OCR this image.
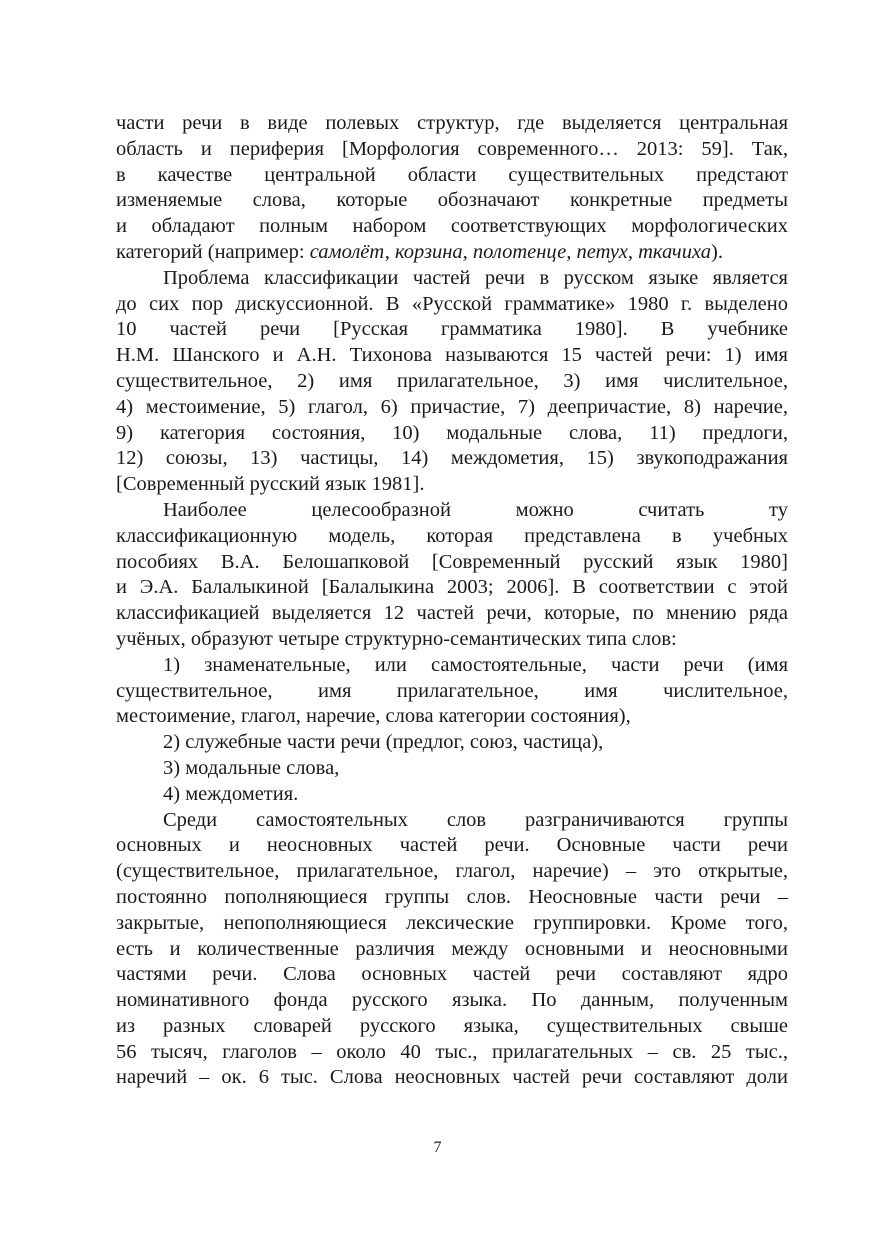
части речи в виде полевых структур, где выделяется центральная
область и периферия [Морфология современного… 2013: 59]. Так,
в качестве центральной области существительных предстают
изменяемые слова, которые обозначают конкретные предметы
и обладают полным набором соответствующих морфологических
категорий (например: самолёт, корзина, полотенце, петух, ткачиха).
Проблема классификации частей речи в русском языке является
до сих пор дискуссионной. В «Русской грамматике» 1980 г. выделено
10 частей речи [Русская грамматика 1980]. В учебнике
Н.М. Шанского и А.Н. Тихонова называются 15 частей речи: 1) имя
существительное, 2) имя прилагательное, 3) имя числительное,
4) местоимение, 5) глагол, 6) причастие, 7) деепричастие, 8) наречие,
9) категория состояния, 10) модальные слова, 11) предлоги,
12) союзы, 13) частицы, 14) междометия, 15) звукоподражания
[Современный русский язык 1981].
Наиболее целесообразной можно считать ту
классификационную модель, которая представлена в учебных
пособиях В.А. Белошапковой [Современный русский язык 1980]
и Э.А. Балалыкиной [Балалыкина 2003; 2006]. В соответствии с этой
классификацией выделяется 12 частей речи, которые, по мнению ряда
учёных, образуют четыре структурно-семантических типа слов:
1) знаменательные, или самостоятельные, части речи (имя
существительное, имя прилагательное, имя числительное,
местоимение, глагол, наречие, слова категории состояния),
2) служебные части речи (предлог, союз, частица),
3) модальные слова,
4) междометия.
Среди самостоятельных слов разграничиваются группы
основных и неосновных частей речи. Основные части речи
(существительное, прилагательное, глагол, наречие) – это открытые,
постоянно пополняющиеся группы слов. Неосновные части речи –
закрытые, непополняющиеся лексические группировки. Кроме того,
есть и количественные различия между основными и неосновными
частями речи. Слова основных частей речи составляют ядро
номинативного фонда русского языка. По данным, полученным
из разных словарей русского языка, существительных свыше
56 тысяч, глаголов – около 40 тыс., прилагательных – св. 25 тыс.,
наречий – ок. 6 тыс. Слова неосновных частей речи составляют доли
7
